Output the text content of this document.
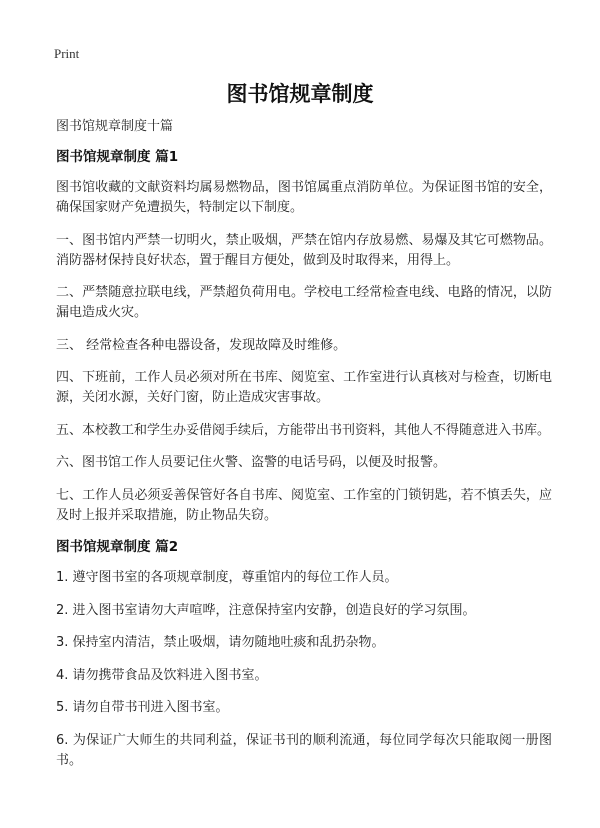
Print
图书馆规章制度

图书馆规章制度十篇

图书馆规章制度 篇1

图书馆收藏的文献资料均属易燃物品，图书馆属重点消防单位。为保证图书馆的安全，确保国家财产免遭损失，特制定以下制度。

一、图书馆内严禁一切明火，禁止吸烟，严禁在馆内存放易燃、易爆及其它可燃物品。消防器材保持良好状态，置于醒目方便处，做到及时取得来，用得上。

二、严禁随意拉联电线，严禁超负荷用电。学校电工经常检查电线、电路的情况，以防漏电造成火灾。

三、 经常检查各种电器设备，发现故障及时维修。

四、下班前，工作人员必须对所在书库、阅览室、工作室进行认真核对与检查，切断电源，关闭水源，关好门窗，防止造成灾害事故。

五、本校教工和学生办妥借阅手续后，方能带出书刊资料，其他人不得随意进入书库。

六、图书馆工作人员要记住火警、盗警的电话号码，以便及时报警。

七、工作人员必须妥善保管好各自书库、阅览室、工作室的门锁钥匙，若不慎丢失，应及时上报并采取措施，防止物品失窃。

图书馆规章制度 篇2

1. 遵守图书室的各项规章制度，尊重馆内的每位工作人员。

2. 进入图书室请勿大声喧哗，注意保持室内安静，创造良好的学习氛围。

3. 保持室内清洁，禁止吸烟，请勿随地吐痰和乱扔杂物。

4. 请勿携带食品及饮料进入图书室。

5. 请勿自带书刊进入图书室。

6. 为保证广大师生的共同利益，保证书刊的顺利流通，每位同学每次只能取阅一册图书。
